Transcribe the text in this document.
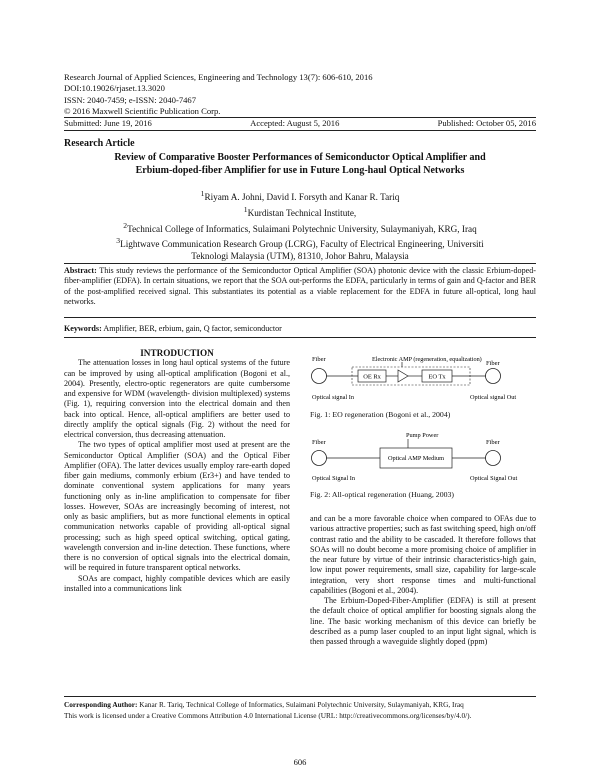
Research Journal of Applied Sciences, Engineering and Technology 13(7): 606-610, 2016
DOI:10.19026/rjaset.13.3020
ISSN: 2040-7459; e-ISSN: 2040-7467
© 2016 Maxwell Scientific Publication Corp.
Submitted: June 19, 2016	Accepted: August 5, 2016	Published: October 05, 2016
Research Article
Review of Comparative Booster Performances of Semiconductor Optical Amplifier and
Erbium-doped-fiber Amplifier for use in Future Long-haul Optical Networks
$^1$Riyam A. Johni, David I. Forsyth and Kanar R. Tariq
$^1$Kurdistan Technical Institute,
$^2$Technical College of Informatics, Sulaimani Polytechnic University, Sulaymaniyah, KRG, Iraq
$^3$Lightwave Communication Research Group (LCRG), Faculty of Electrical Engineering, Universiti
Teknologi Malaysia (UTM), 81310, Johor Bahru, Malaysia
Abstract: This study reviews the performance of the Semiconductor Optical Amplifier (SOA) photonic device with the classic Erbium-doped-fiber-amplifier (EDFA). In certain situations, we report that the SOA out-performs the EDFA, particularly in terms of gain and Q-factor and BER of the post-amplified received signal. This substantiates its potential as a viable replacement for the EDFA in future all-optical, long haul networks.
Keywords: Amplifier, BER, erbium, gain, Q factor, semiconductor

INTRODUCTION

The attenuation losses in long haul optical systems of the future can be improved by using all-optical amplification (Bogoni et al., 2004). Presently, electro-optic regenerators are quite cumbersome and expensive for WDM (wavelength- division multiplexed) systems (Fig. 1), requiring conversion into the electrical domain and then back into optical. Hence, all-optical amplifiers are better used to directly amplify the optical signals (Fig. 2) without the need for electrical conversion, thus decreasing attenuation.

The two types of optical amplifier most used at present are the Semiconductor Optical Amplifier (SOA) and the Optical Fiber Amplifier (OFA). The latter devices usually employ rare-earth doped fiber gain mediums, commonly erbium (Er3+) and have tended to dominate conventional system applications for many years functioning only as in-line amplification to compensate for fiber losses. However, SOAs are increasingly becoming of interest, not only as basic amplifiers, but as more functional elements in optical communication networks capable of providing all-optical signal processing; such as high speed optical switching, optical gating, wavelength conversion and in-line detection. These functions, where there is no conversion of optical signals into the electrical domain, will be required in future transparent optical networks.

SOAs are compact, highly compatible devices which are easily installed into a communications link

Electronic AMP (regeneration, equalization)
Fiber
OE Rx	EO Tx
Fiber
Optical signal In	Optical signal Out
Fig. 1: EO regeneration (Bogoni et al., 2004)
Pump Power
Fiber
Optical AMP Medium
Fiber
Optical Signal In	Optical Signal Out
Fig. 2: All-optical regeneration (Huang, 2003)

and can be a more favorable choice when compared to OFAs due to various attractive properties; such as fast switching speed, high on/off contrast ratio and the ability to be cascaded. It therefore follows that SOAs will no doubt become a more promising choice of amplifier in the near future by virtue of their intrinsic characteristics-high gain, low input power requirements, small size, capability for large-scale integration, very short response times and multi-functional capabilities (Bogoni et al., 2004).

The Erbium-Doped-Fiber-Amplifier (EDFA) is still at present the default choice of optical amplifier for boosting signals along the line. The basic working mechanism of this device can briefly be described as a pump laser coupled to an input light signal, which is then passed through a waveguide slightly doped (ppm)

Corresponding Author: Kanar R. Tariq, Technical College of Informatics, Sulaimani Polytechnic University, Sulaymaniyah, KRG, Iraq
This work is licensed under a Creative Commons Attribution 4.0 International License (URL: http://creativecommons.org/licenses/by/4.0/).
606
